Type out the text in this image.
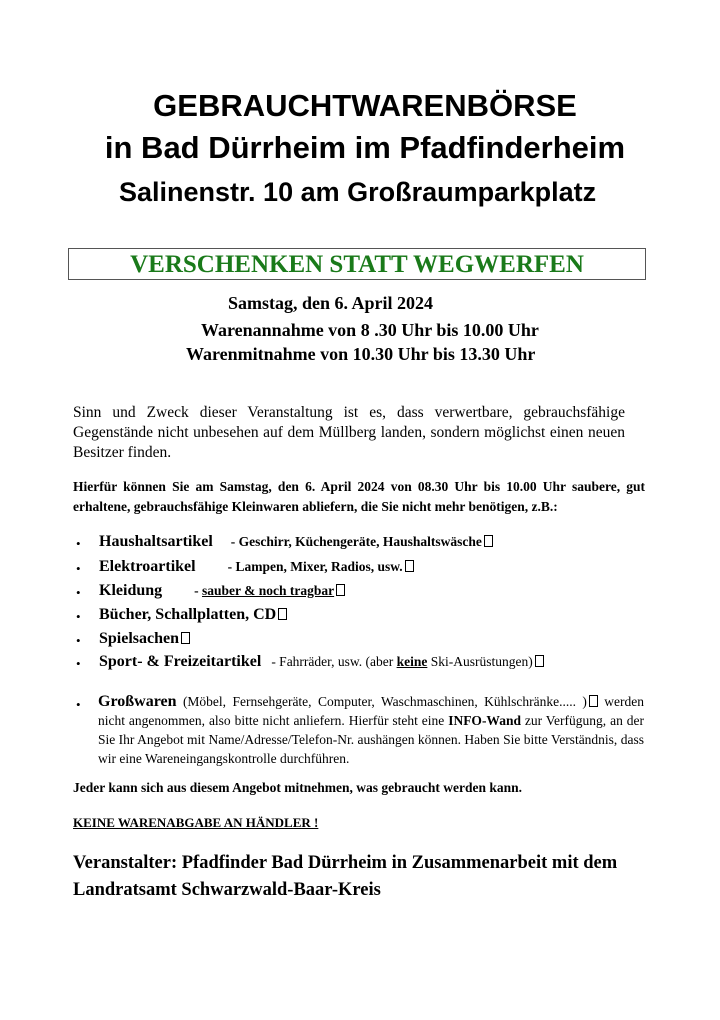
GEBRAUCHTWARENBÖRSE
in Bad Dürrheim im Pfadfinderheim
Salinenstr. 10 am Großraumparkplatz
VERSCHENKEN STATT WEGWERFEN
Samstag, den 6. April 2024
Warenannahme von 8 .30 Uhr bis 10.00 Uhr
Warenmitnahme von 10.30 Uhr bis 13.30 Uhr
Sinn und Zweck dieser Veranstaltung ist es, dass verwertbare, gebrauchsfähige Gegenstände nicht unbesehen auf dem Müllberg landen, sondern möglichst einen neuen Besitzer finden.
Hierfür können Sie am Samstag, den 6. April 2024 von 08.30 Uhr bis 10.00 Uhr saubere, gut erhaltene, gebrauchsfähige Kleinwaren abliefern, die Sie nicht mehr benötigen, z.B.:
• Haushaltsartikel - Geschirr, Küchengeräte, Haushaltswäsche
• Elektroartikel - Lampen, Mixer, Radios, usw.
• Kleidung - sauber & noch tragbar
• Bücher, Schallplatten, CD
• Spielsachen
• Sport- & Freizeitartikel - Fahrräder, usw. (aber keine Ski-Ausrüstungen)
• Großwaren (Möbel, Fernsehgeräte, Computer, Waschmaschinen, Kühlschränke..... ) werden nicht angenommen, also bitte nicht anliefern. Hierfür steht eine INFO-Wand zur Verfügung, an der Sie Ihr Angebot mit Name/Adresse/Telefon-Nr. aushängen können. Haben Sie bitte Verständnis, dass wir eine Wareneingangskontrolle durchführen.
Jeder kann sich aus diesem Angebot mitnehmen, was gebraucht werden kann.
KEINE WARENABGABE AN HÄNDLER !
Veranstalter: Pfadfinder Bad Dürrheim in Zusammenarbeit mit dem Landratsamt Schwarzwald-Baar-Kreis
